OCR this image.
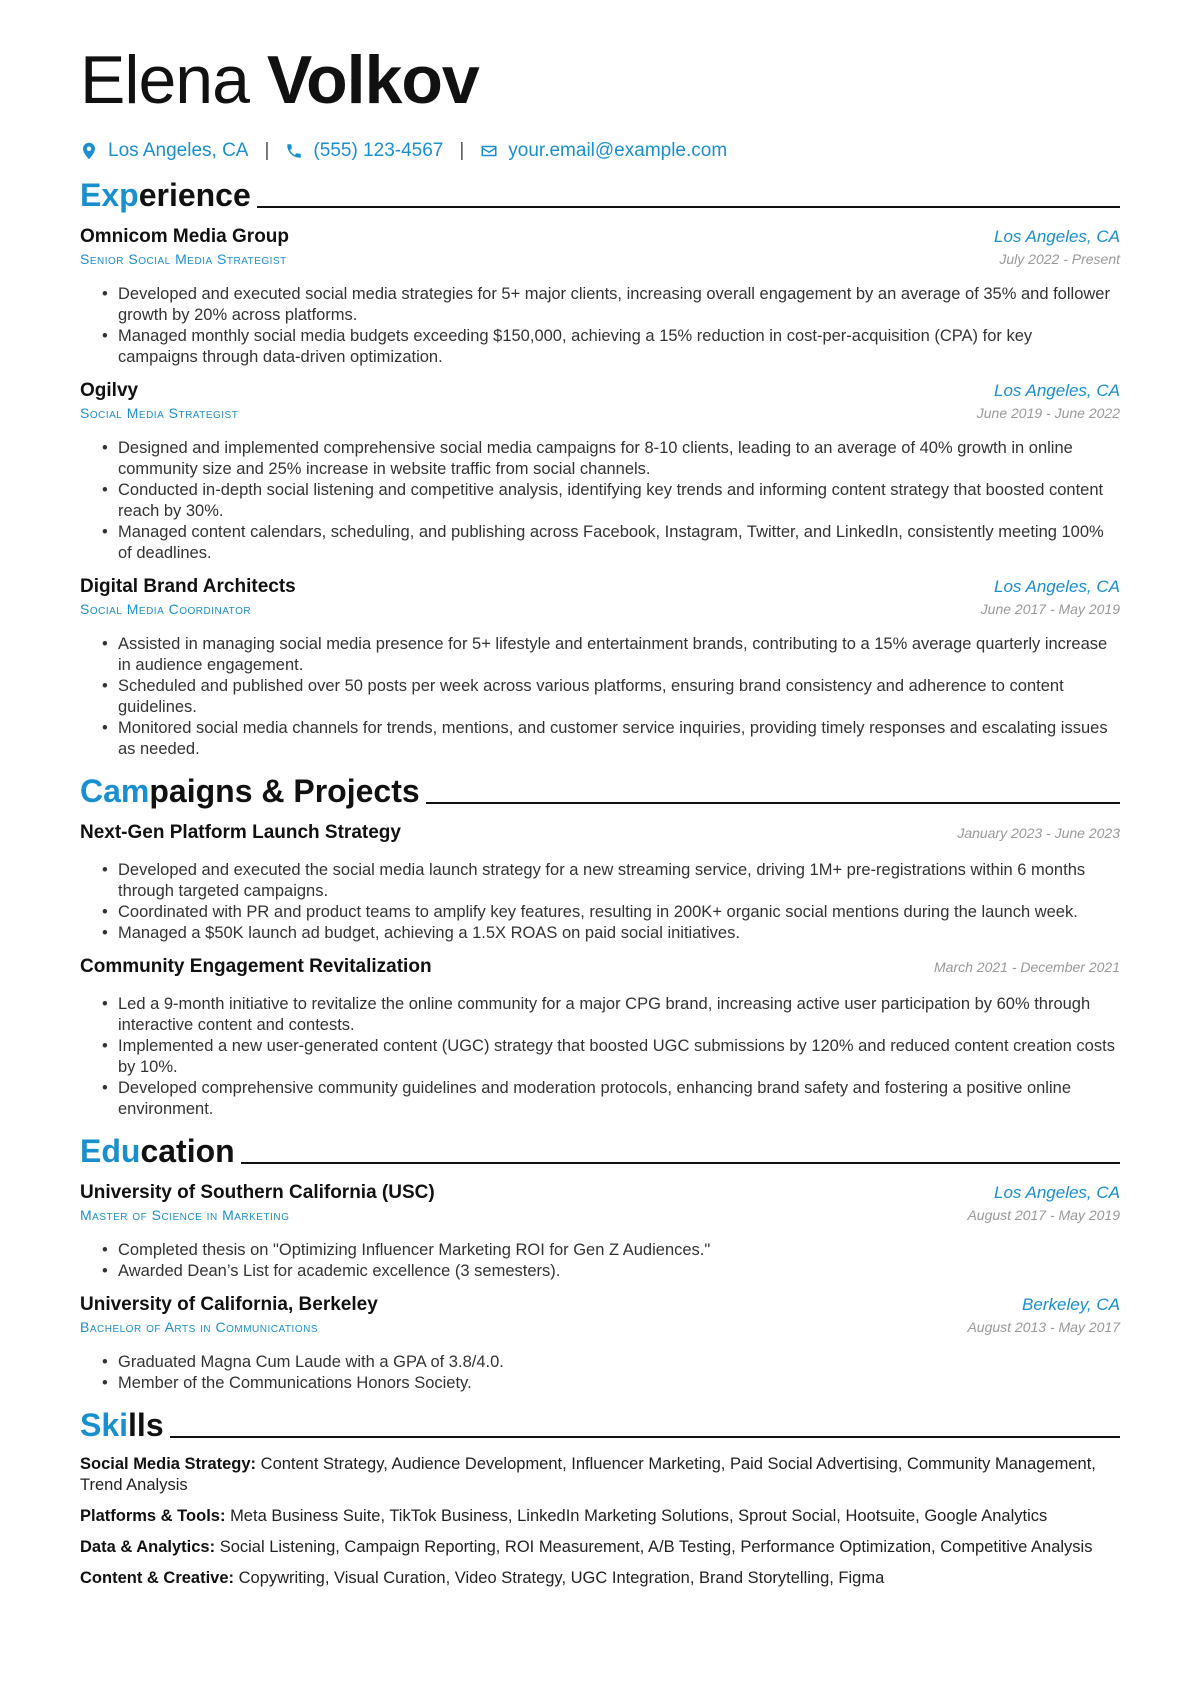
Elena Volkov
Los Angeles, CA | (555) 123-4567 | your.email@example.com
Experience
Omnicom Media Group	Los Angeles, CA
Senior Social Media Strategist	July 2022 - Present
• Developed and executed social media strategies for 5+ major clients, increasing overall engagement by an average of 35% and follower growth by 20% across platforms.
• Managed monthly social media budgets exceeding $150,000, achieving a 15% reduction in cost-per-acquisition (CPA) for key campaigns through data-driven optimization.
Ogilvy	Los Angeles, CA
Social Media Strategist	June 2019 - June 2022
• Designed and implemented comprehensive social media campaigns for 8-10 clients, leading to an average of 40% growth in online community size and 25% increase in website traffic from social channels.
• Conducted in-depth social listening and competitive analysis, identifying key trends and informing content strategy that boosted content reach by 30%.
• Managed content calendars, scheduling, and publishing across Facebook, Instagram, Twitter, and LinkedIn, consistently meeting 100% of deadlines.
Digital Brand Architects	Los Angeles, CA
Social Media Coordinator	June 2017 - May 2019
• Assisted in managing social media presence for 5+ lifestyle and entertainment brands, contributing to a 15% average quarterly increase in audience engagement.
• Scheduled and published over 50 posts per week across various platforms, ensuring brand consistency and adherence to content guidelines.
• Monitored social media channels for trends, mentions, and customer service inquiries, providing timely responses and escalating issues as needed.
Campaigns & Projects
Next-Gen Platform Launch Strategy	January 2023 - June 2023
• Developed and executed the social media launch strategy for a new streaming service, driving 1M+ pre-registrations within 6 months through targeted campaigns.
• Coordinated with PR and product teams to amplify key features, resulting in 200K+ organic social mentions during the launch week.
• Managed a $50K launch ad budget, achieving a 1.5X ROAS on paid social initiatives.
Community Engagement Revitalization	March 2021 - December 2021
• Led a 9-month initiative to revitalize the online community for a major CPG brand, increasing active user participation by 60% through interactive content and contests.
• Implemented a new user-generated content (UGC) strategy that boosted UGC submissions by 120% and reduced content creation costs by 10%.
• Developed comprehensive community guidelines and moderation protocols, enhancing brand safety and fostering a positive online environment.
Education
University of Southern California (USC)	Los Angeles, CA
Master of Science in Marketing	August 2017 - May 2019
• Completed thesis on "Optimizing Influencer Marketing ROI for Gen Z Audiences."
• Awarded Dean’s List for academic excellence (3 semesters).
University of California, Berkeley	Berkeley, CA
Bachelor of Arts in Communications	August 2013 - May 2017
• Graduated Magna Cum Laude with a GPA of 3.8/4.0.
• Member of the Communications Honors Society.
Skills
Social Media Strategy: Content Strategy, Audience Development, Influencer Marketing, Paid Social Advertising, Community Management, Trend Analysis
Platforms & Tools: Meta Business Suite, TikTok Business, LinkedIn Marketing Solutions, Sprout Social, Hootsuite, Google Analytics
Data & Analytics: Social Listening, Campaign Reporting, ROI Measurement, A/B Testing, Performance Optimization, Competitive Analysis
Content & Creative: Copywriting, Visual Curation, Video Strategy, UGC Integration, Brand Storytelling, Figma
